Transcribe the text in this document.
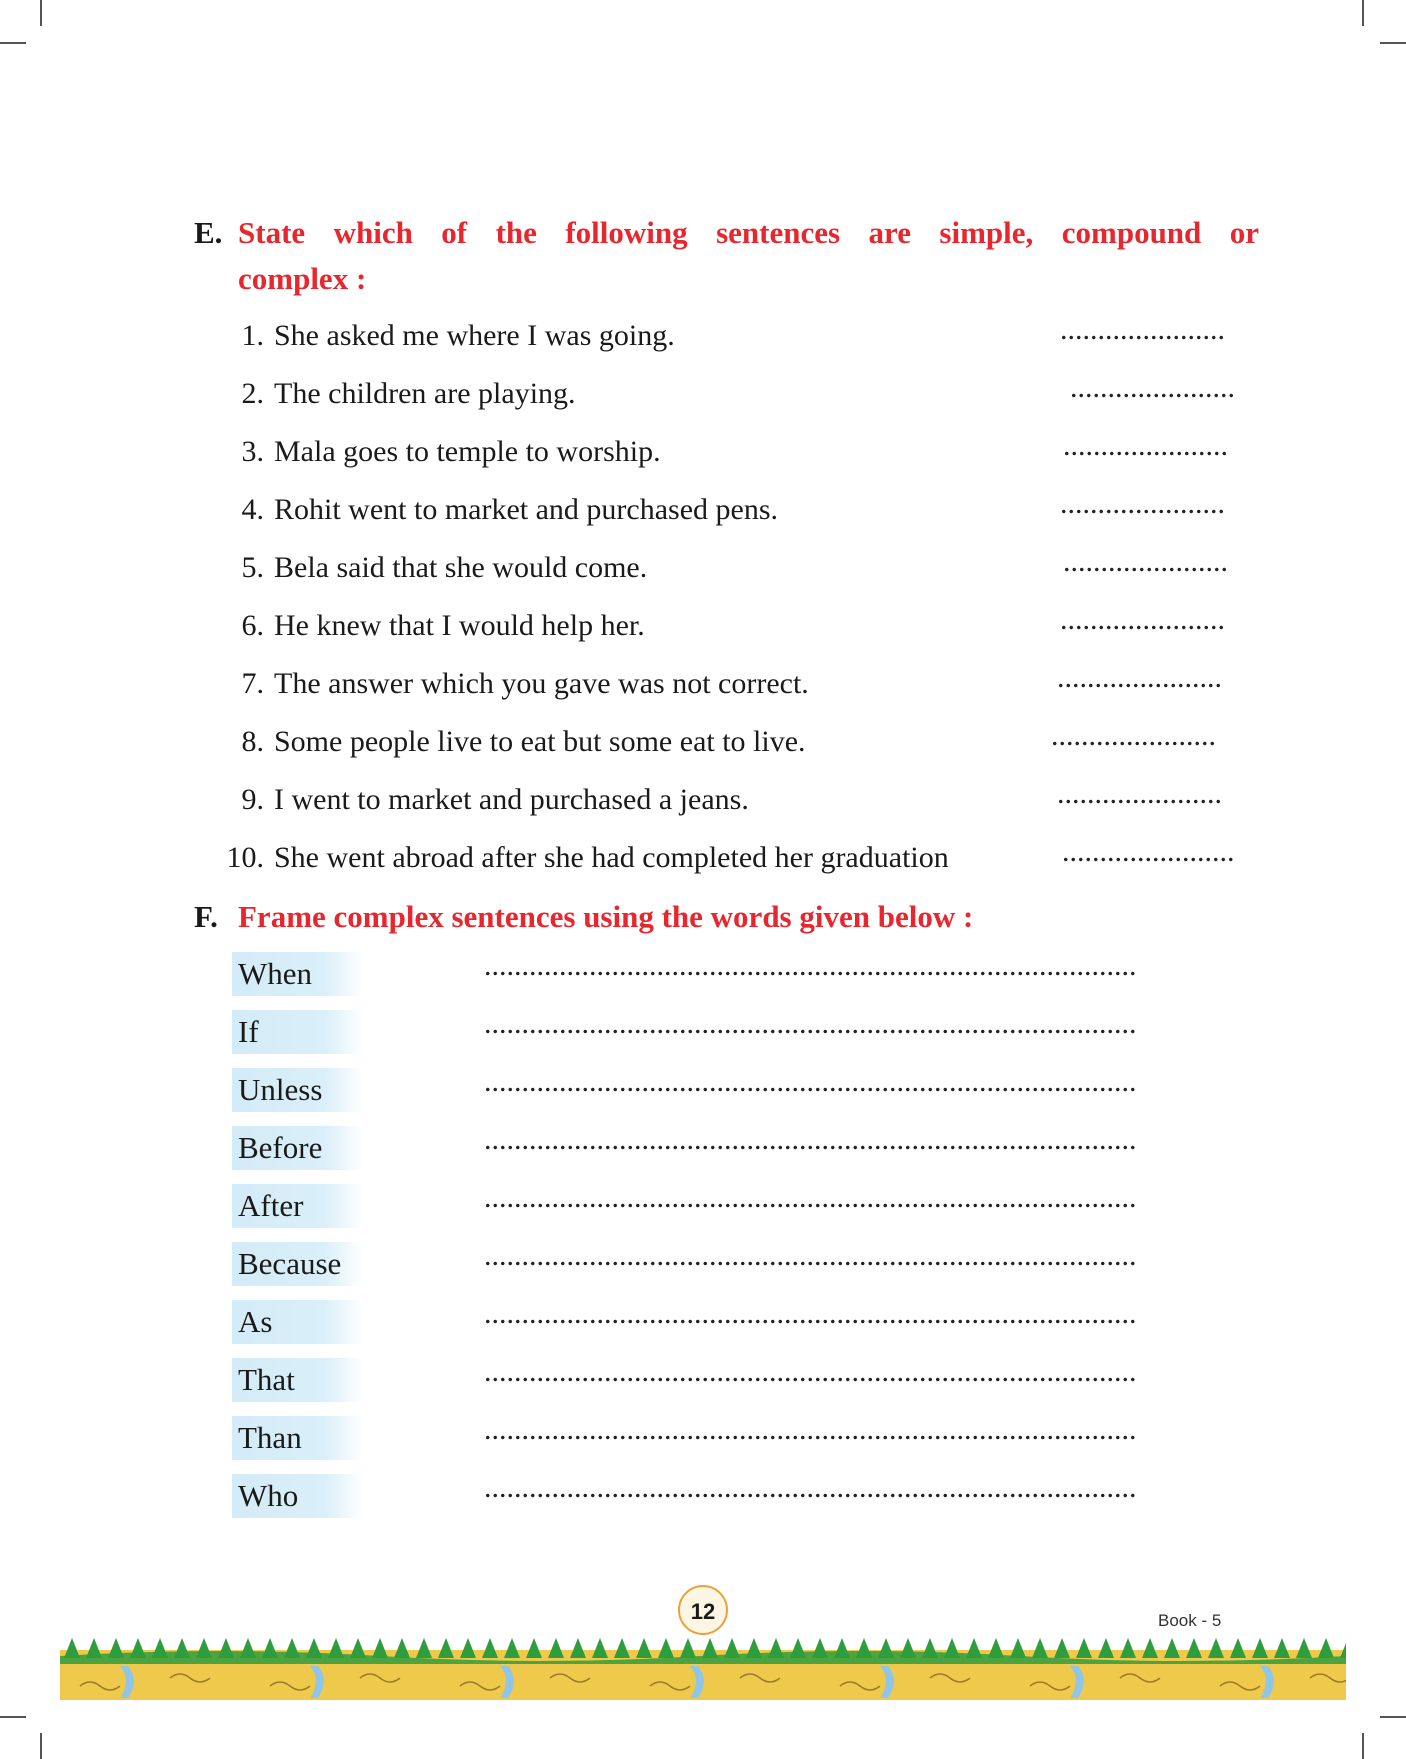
E. State which of the following sentences are simple, compound or
complex :
1. She asked me where I was going.	......................
2. The children are playing.	......................
3. Mala goes to temple to worship.	......................
4. Rohit went to market and purchased pens.	......................
5. Bela said that she would come.	......................
6. He knew that I would help her.	......................
7. The answer which you gave was not correct.	......................
8. Some people live to eat but some eat to live.	......................
9. I went to market and purchased a jeans.	......................
10. She went abroad after she had completed her graduation	.......................
F. Frame complex sentences using the words given below :
When	.......................................................................................
If	.......................................................................................
Unless	.......................................................................................
Before	.......................................................................................
After	.......................................................................................
Because	.......................................................................................
As	.......................................................................................
That	.......................................................................................
Than	.......................................................................................
Who	.......................................................................................
12	Book - 5
